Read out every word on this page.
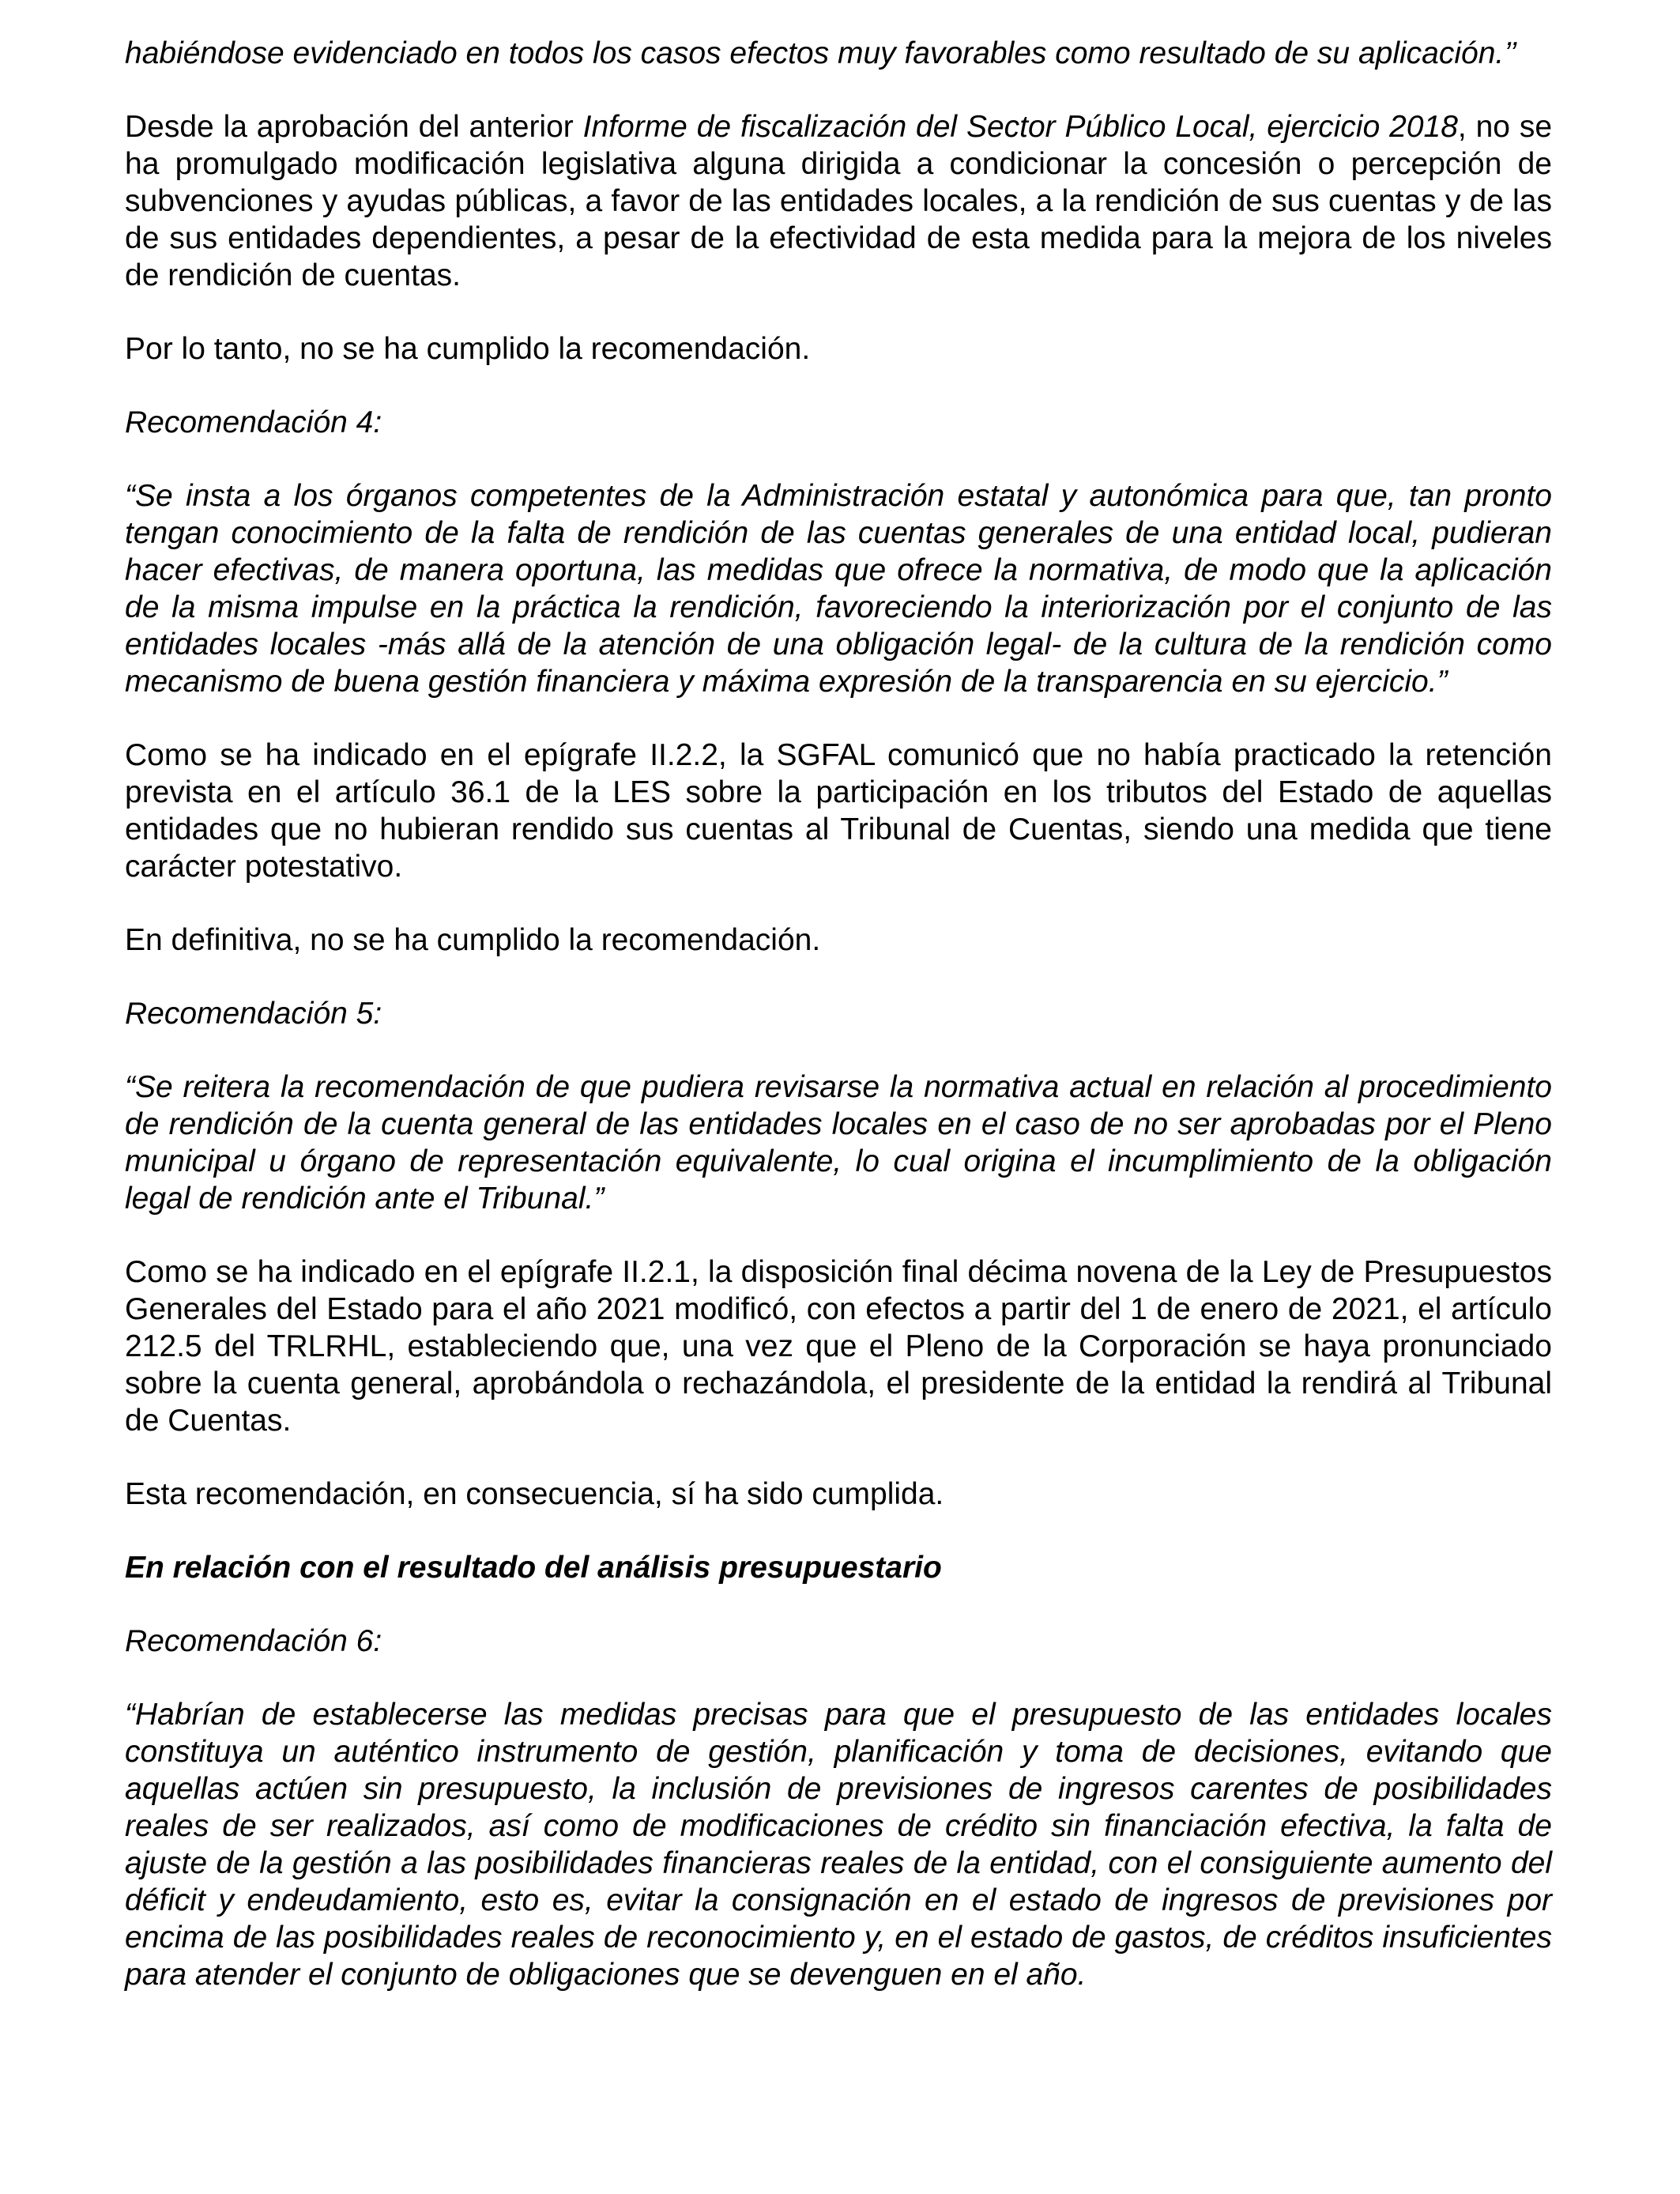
habiéndose evidenciado en todos los casos efectos muy favorables como resultado de su aplicación.’’

Desde la aprobación del anterior Informe de fiscalización del Sector Público Local, ejercicio 2018, no se ha promulgado modificación legislativa alguna dirigida a condicionar la concesión o percepción de subvenciones y ayudas públicas, a favor de las entidades locales, a la rendición de sus cuentas y de las de sus entidades dependientes, a pesar de la efectividad de esta medida para la mejora de los niveles de rendición de cuentas.

Por lo tanto, no se ha cumplido la recomendación.

Recomendación 4:

“Se insta a los órganos competentes de la Administración estatal y autonómica para que, tan pronto tengan conocimiento de la falta de rendición de las cuentas generales de una entidad local, pudieran hacer efectivas, de manera oportuna, las medidas que ofrece la normativa, de modo que la aplicación de la misma impulse en la práctica la rendición, favoreciendo la interiorización por el conjunto de las entidades locales -más allá de la atención de una obligación legal- de la cultura de la rendición como mecanismo de buena gestión financiera y máxima expresión de la transparencia en su ejercicio.”

Como se ha indicado en el epígrafe II.2.2, la SGFAL comunicó que no había practicado la retención prevista en el artículo 36.1 de la LES sobre la participación en los tributos del Estado de aquellas entidades que no hubieran rendido sus cuentas al Tribunal de Cuentas, siendo una medida que tiene carácter potestativo.

En definitiva, no se ha cumplido la recomendación.

Recomendación 5:

“Se reitera la recomendación de que pudiera revisarse la normativa actual en relación al procedimiento de rendición de la cuenta general de las entidades locales en el caso de no ser aprobadas por el Pleno municipal u órgano de representación equivalente, lo cual origina el incumplimiento de la obligación legal de rendición ante el Tribunal.”

Como se ha indicado en el epígrafe II.2.1, la disposición final décima novena de la Ley de Presupuestos Generales del Estado para el año 2021 modificó, con efectos a partir del 1 de enero de 2021, el artículo 212.5 del TRLRHL, estableciendo que, una vez que el Pleno de la Corporación se haya pronunciado sobre la cuenta general, aprobándola o rechazándola, el presidente de la entidad la rendirá al Tribunal de Cuentas.

Esta recomendación, en consecuencia, sí ha sido cumplida.

En relación con el resultado del análisis presupuestario

Recomendación 6:

“Habrían de establecerse las medidas precisas para que el presupuesto de las entidades locales constituya un auténtico instrumento de gestión, planificación y toma de decisiones, evitando que aquellas actúen sin presupuesto, la inclusión de previsiones de ingresos carentes de posibilidades reales de ser realizados, así como de modificaciones de crédito sin financiación efectiva, la falta de ajuste de la gestión a las posibilidades financieras reales de la entidad, con el consiguiente aumento del déficit y endeudamiento, esto es, evitar la consignación en el estado de ingresos de previsiones por encima de las posibilidades reales de reconocimiento y, en el estado de gastos, de créditos insuficientes para atender el conjunto de obligaciones que se devenguen en el año.
